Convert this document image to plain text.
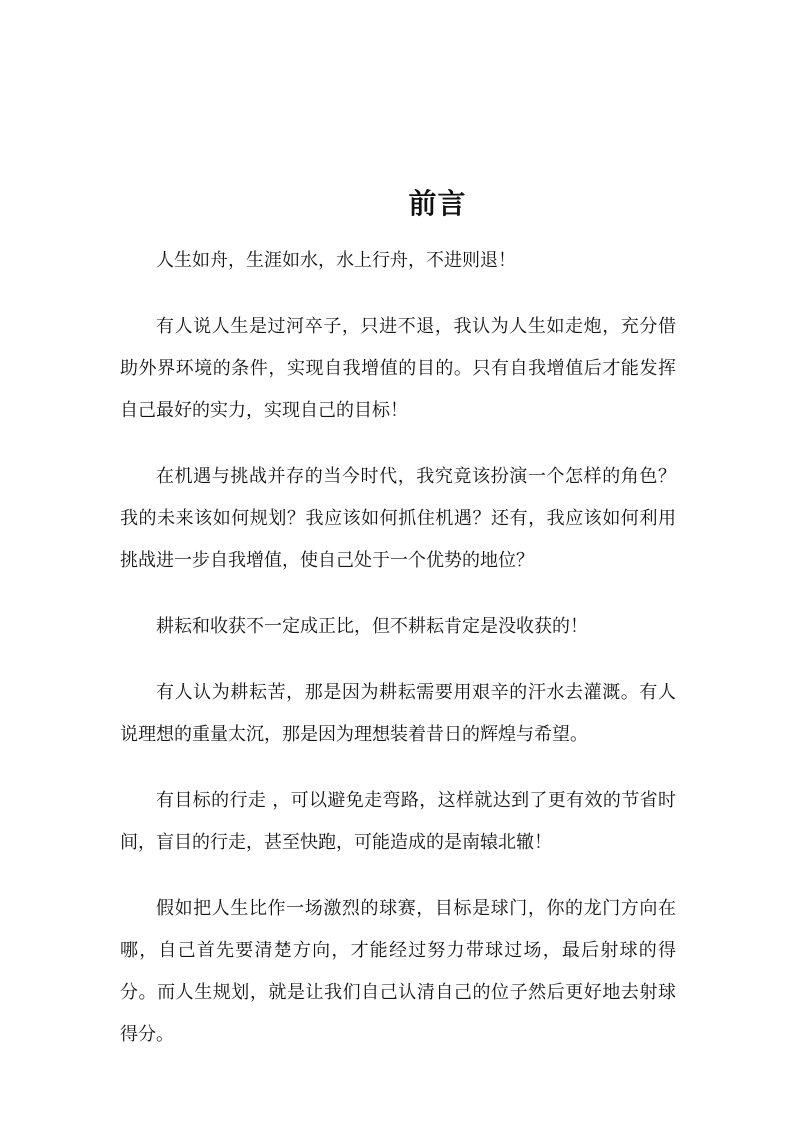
前言

人生如舟，生涯如水，水上行舟，不进则退！

有人说人生是过河卒子，只进不退，我认为人生如走炮，充分借助外界环境的条件，实现自我增值的目的。只有自我增值后才能发挥自己最好的实力，实现自己的目标！

在机遇与挑战并存的当今时代，我究竟该扮演一个怎样的角色？我的未来该如何规划？我应该如何抓住机遇？还有，我应该如何利用挑战进一步自我增值，使自己处于一个优势的地位？

耕耘和收获不一定成正比，但不耕耘肯定是没收获的！

有人认为耕耘苦，那是因为耕耘需要用艰辛的汗水去灌溉。有人说理想的重量太沉，那是因为理想装着昔日的辉煌与希望。

有目标的行走 ，可以避免走弯路，这样就达到了更有效的节省时间，盲目的行走，甚至快跑，可能造成的是南辕北辙！

假如把人生比作一场激烈的球赛，目标是球门，你的龙门方向在哪，自己首先要清楚方向，才能经过努力带球过场，最后射球的得分。而人生规划，就是让我们自己认清自己的位子然后更好地去射球得分。
